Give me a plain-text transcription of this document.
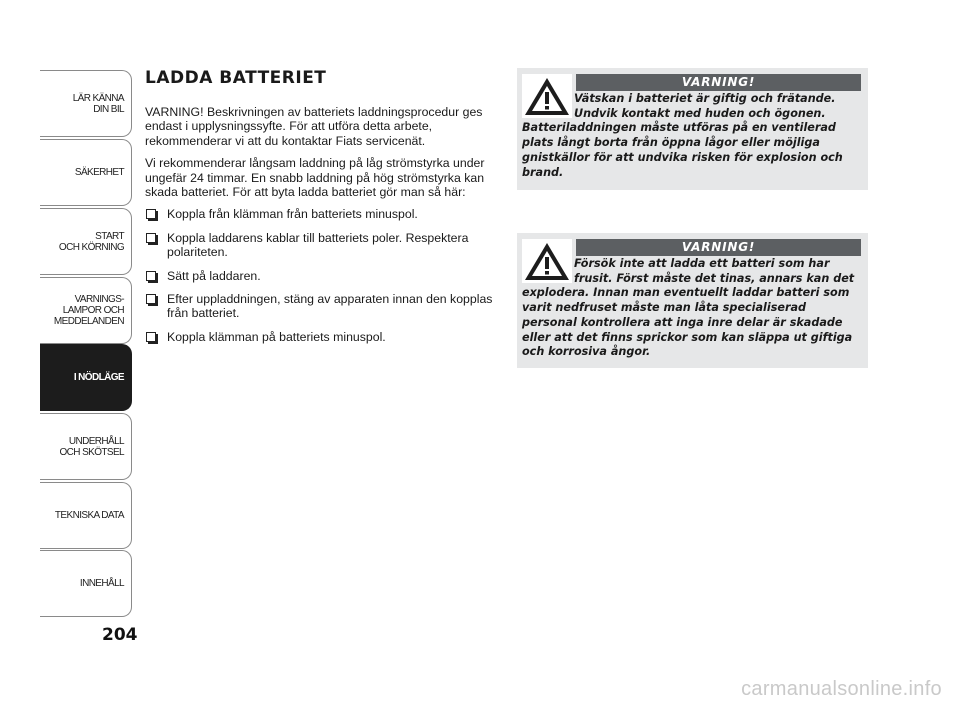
LÄR KÄNNA
DIN BIL
SÄKERHET
START
OCH KÖRNING
VARNINGS-
LAMPOR OCH
MEDDELANDEN
I NÖDLÄGE
UNDERHÅLL
OCH SKÖTSEL
TEKNISKA DATA
INNEHÅLL
204
LADDA BATTERIET

VARNING! Beskrivningen av batteriets laddningsprocedur ges endast i upplysningssyfte. För att utföra detta arbete, rekommenderar vi att du kontaktar Fiats servicenät.

Vi rekommenderar långsam laddning på låg strömstyrka under ungefär 24 timmar. En snabb laddning på hög strömstyrka kan skada batteriet. För att byta ladda batteriet gör man så här:

Koppla från klämman från batteriets minuspol.
Koppla laddarens kablar till batteriets poler. Respektera polariteten.
Sätt på laddaren.
Efter uppladdningen, stäng av apparaten innan den kopplas från batteriet.
Koppla klämman på batteriets minuspol.
VARNING!
Vätskan i batteriet är giftig och frätande. Undvik kontakt med huden och ögonen.
Batteriladdningen måste utföras på en ventilerad plats långt borta från öppna lågor eller möjliga gnistkällor för att undvika risken för explosion och brand.
VARNING!
Försök inte att ladda ett batteri som har frusit. Först måste det tinas, annars kan det
explodera. Innan man eventuellt laddar batteri som varit nedfruset måste man låta specialiserad personal kontrollera att inga inre delar är skadade eller att det finns sprickor som kan släppa ut giftiga och korrosiva ångor.
carmanualsonline.info
